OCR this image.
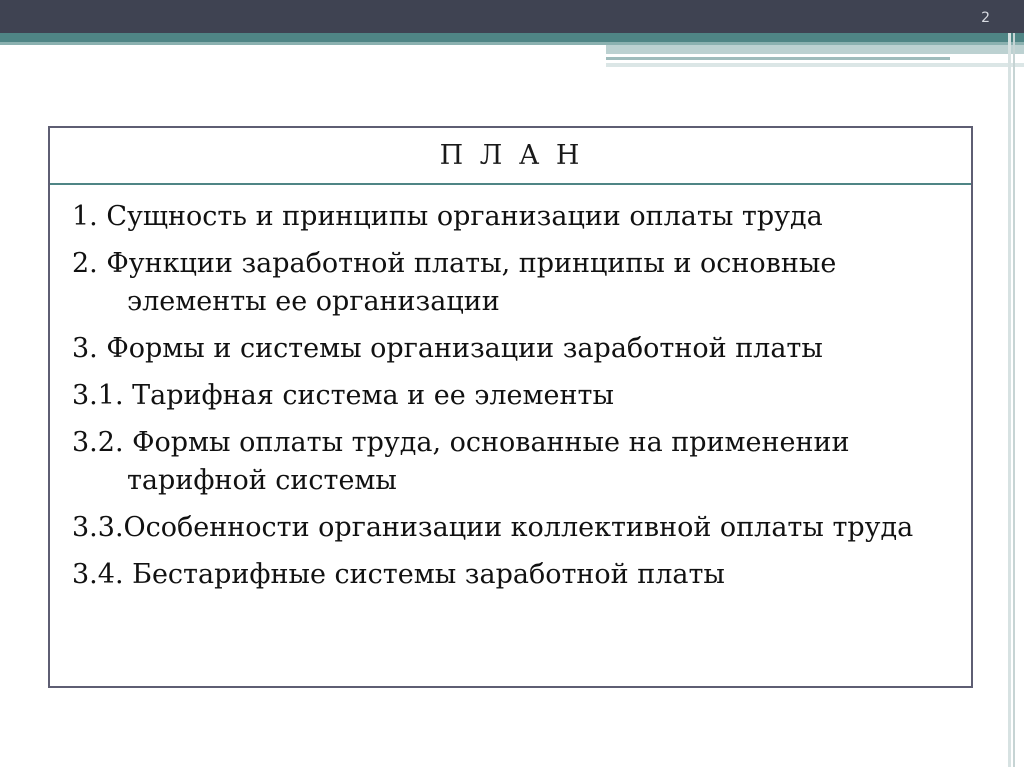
2
П Л А Н
1. Сущность и принципы организации оплаты труда
2. Функции заработной платы, принципы и основные элементы ее организации
3. Формы и системы организации заработной платы
3.1. Тарифная система и ее элементы
3.2. Формы оплаты труда, основанные на применении тарифной системы
3.3.Особенности организации коллективной оплаты труда
3.4. Бестарифные системы заработной платы
